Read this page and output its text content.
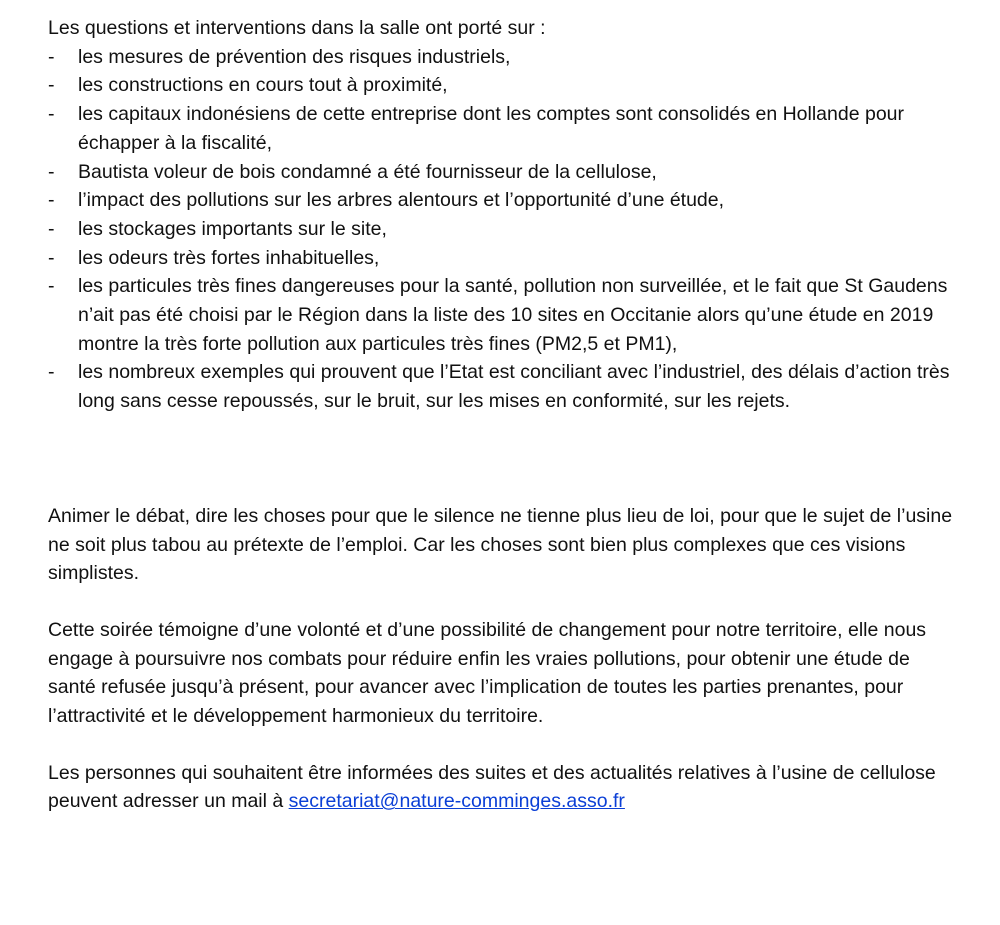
Les questions et interventions dans la salle ont porté sur :

-	les mesures de prévention des risques industriels,
-	les constructions en cours tout à proximité,
-	les capitaux indonésiens de cette entreprise dont les comptes sont consolidés en Hollande pour échapper à la fiscalité,
-	Bautista voleur de bois condamné a été fournisseur de la cellulose,
-	l’impact des pollutions sur les arbres alentours et l’opportunité d’une étude,
-	les stockages importants sur le site,
-	les odeurs très fortes inhabituelles,
-	les particules très fines dangereuses pour la santé, pollution non surveillée, et le fait que St Gaudens n’ait pas été choisi par le Région dans la liste des 10 sites en Occitanie alors qu’une étude en 2019 montre la très forte pollution aux particules très fines (PM2,5 et PM1),
-	les nombreux exemples qui prouvent que l’Etat est conciliant avec l’industriel, des délais d’action très long sans cesse repoussés, sur le bruit, sur les mises en conformité, sur les rejets.

Animer le débat, dire les choses pour que le silence ne tienne plus lieu de loi, pour que le sujet de l’usine ne soit plus tabou au prétexte de l’emploi. Car les choses sont bien plus complexes que ces visions simplistes.

Cette soirée témoigne d’une volonté et d’une possibilité de changement pour notre territoire, elle nous engage à poursuivre nos combats pour réduire enfin les vraies pollutions, pour obtenir une étude de santé refusée jusqu’à présent, pour avancer avec l’implication de toutes les parties prenantes, pour l’attractivité et le développement harmonieux du territoire.

Les personnes qui souhaitent être informées des suites et des actualités relatives à l’usine de cellulose peuvent adresser un mail à secretariat@nature-comminges.asso.fr
